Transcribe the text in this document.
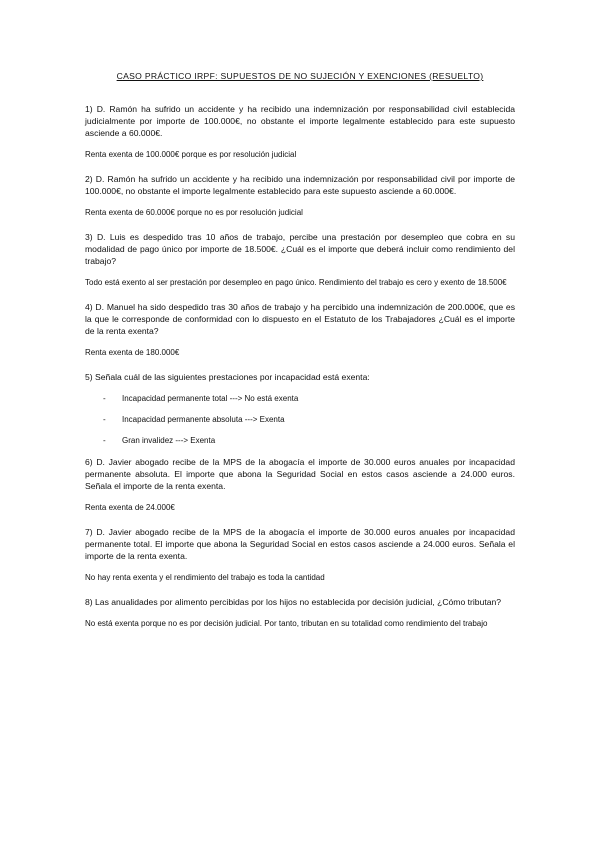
CASO PRÁCTICO IRPF: SUPUESTOS DE NO SUJECIÓN Y EXENCIONES (RESUELTO)
1) D. Ramón ha sufrido un accidente y ha recibido una indemnización por responsabilidad civil establecida judicialmente por importe de 100.000€, no obstante el importe legalmente establecido para este supuesto asciende a 60.000€.
Renta exenta de 100.000€ porque es por resolución judicial
2) D. Ramón ha sufrido un accidente y ha recibido una indemnización por responsabilidad civil por importe de 100.000€, no obstante el importe legalmente establecido para este supuesto asciende a 60.000€.
Renta exenta de 60.000€ porque no es por resolución judicial
3) D. Luis es despedido tras 10 años de trabajo, percibe una prestación por desempleo que cobra en su modalidad de pago único por importe de 18.500€. ¿Cuál es el importe que deberá incluir como rendimiento del trabajo?
Todo está exento al ser prestación por desempleo en pago único. Rendimiento del trabajo es cero y exento de 18.500€
4) D. Manuel ha sido despedido tras 30 años de trabajo y ha percibido una indemnización de 200.000€, que es la que le corresponde de conformidad con lo dispuesto en el Estatuto de los Trabajadores ¿Cuál es el importe de la renta exenta?
Renta exenta de 180.000€
5) Señala cuál de las siguientes prestaciones por incapacidad está exenta:
-	Incapacidad permanente total ---> No está exenta
-	Incapacidad permanente absoluta ---> Exenta
-	Gran invalidez ---> Exenta
6) D. Javier abogado recibe de la MPS de la abogacía el importe de 30.000 euros anuales por incapacidad permanente absoluta. El importe que abona la Seguridad Social en estos casos asciende a 24.000 euros. Señala el importe de la renta exenta.
Renta exenta de 24.000€
7) D. Javier abogado recibe de la MPS de la abogacía el importe de 30.000 euros anuales por incapacidad permanente total. El importe que abona la Seguridad Social en estos casos asciende a 24.000 euros. Señala el importe de la renta exenta.
No hay renta exenta y el rendimiento del trabajo es toda la cantidad
8) Las anualidades por alimento percibidas por los hijos no establecida por decisión judicial, ¿Cómo tributan?
No está exenta porque no es por decisión judicial. Por tanto, tributan en su totalidad como rendimiento del trabajo
